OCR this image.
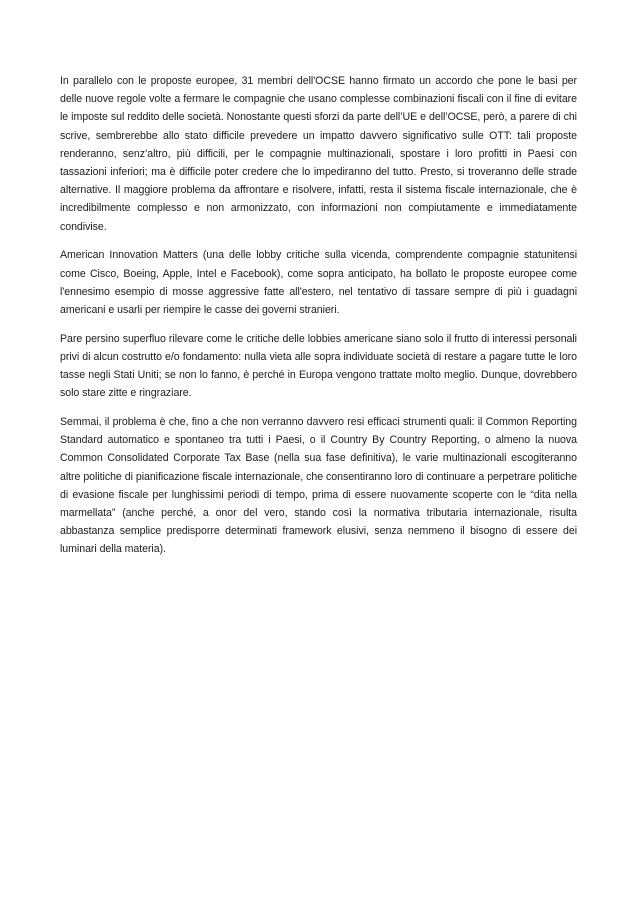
In parallelo con le proposte europee, 31 membri dell'OCSE hanno firmato un accordo che pone le basi per delle nuove regole volte a fermare le compagnie che usano complesse combinazioni fiscali con il fine di evitare le imposte sul reddito delle società. Nonostante questi sforzi da parte dell’UE e dell’OCSE, però, a parere di chi scrive, sembrerebbe allo stato difficile prevedere un impatto davvero significativo sulle OTT: tali proposte renderanno, senz’altro, più difficili, per le compagnie multinazionali, spostare i loro profitti in Paesi con tassazioni inferiori; ma è difficile poter credere che lo impediranno del tutto. Presto, si troveranno delle strade alternative. Il maggiore problema da affrontare e risolvere, infatti, resta il sistema fiscale internazionale, che è incredibilmente complesso e non armonizzato, con informazioni non compiutamente e immediatamente condivise.

American Innovation Matters (una delle lobby critiche sulla vicenda, comprendente compagnie statunitensi come Cisco, Boeing, Apple, Intel e Facebook), come sopra anticipato, ha bollato le proposte europee come l'ennesimo esempio di mosse aggressive fatte all'estero, nel tentativo di tassare sempre di più i guadagni americani e usarli per riempire le casse dei governi stranieri.

Pare persino superfluo rilevare come le critiche delle lobbies americane siano solo il frutto di interessi personali privi di alcun costrutto e/o fondamento: nulla vieta alle sopra individuate società di restare a pagare tutte le loro tasse negli Stati Uniti; se non lo fanno, è perché in Europa vengono trattate molto meglio. Dunque, dovrebbero solo stare zitte e ringraziare.

Semmai, il problema è che, fino a che non verranno davvero resi efficaci strumenti quali: il Common Reporting Standard automatico e spontaneo tra tutti i Paesi, o il Country By Country Reporting, o almeno la nuova Common Consolidated Corporate Tax Base (nella sua fase definitiva), le varie multinazionali escogiteranno altre politiche di pianificazione fiscale internazionale, che consentiranno loro di continuare a perpetrare politiche di evasione fiscale per lunghissimi periodi di tempo, prima di essere nuovamente scoperte con le “dita nella marmellata” (anche perché, a onor del vero, stando così la normativa tributaria internazionale, risulta abbastanza semplice predisporre determinati framework elusivi, senza nemmeno il bisogno di essere dei luminari della materia).
